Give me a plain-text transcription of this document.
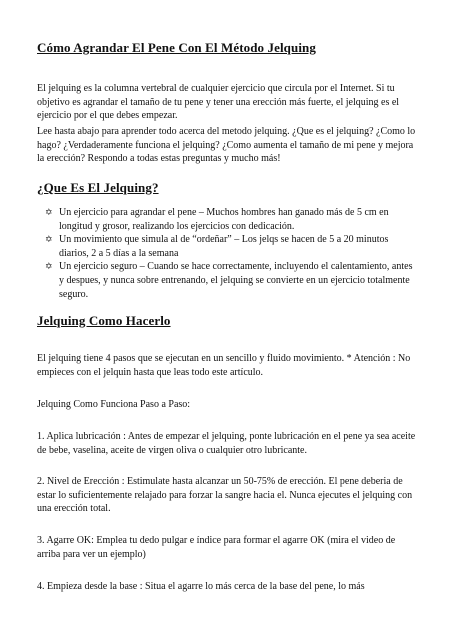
Cómo Agrandar El Pene Con El Método Jelquing

El jelquing es la columna vertebral de cualquier ejercicio que circula por el Internet. Si tu objetivo es agrandar el tamaño de tu pene y tener una erección más fuerte, el jelquing es el ejercicio por el que debes empezar.

Lee hasta abajo para aprender todo acerca del metodo jelquing. ¿Que es el jelquing? ¿Como lo hago? ¿Verdaderamente funciona el jelquing? ¿Como aumenta el tamaño de mi pene y mejora la erección? Respondo a todas estas preguntas y mucho más!

¿Que Es El Jelquing?
✡ Un ejercicio para agrandar el pene – Muchos hombres han ganado más de 5 cm en longitud y grosor, realizando los ejercicios con dedicación.
✡ Un movimiento que simula al de “ordeñar” – Los jelqs se hacen de 5 a 20 minutos diarios, 2 a 5 días a la semana
✡ Un ejercicio seguro – Cuando se hace correctamente, incluyendo el calentamiento, antes y despues, y nunca sobre entrenando, el jelquing se convierte en un ejercicio totalmente seguro.
Jelquing Como Hacerlo

El jelquing tiene 4 pasos que se ejecutan en un sencillo y fluido movimiento. * Atención : No empieces con el jelquin hasta que leas todo este artículo.

Jelquing Como Funciona Paso a Paso:

1. Aplica lubricación : Antes de empezar el jelquing, ponte lubricación en el pene ya sea aceite de bebe, vaselina, aceite de virgen oliva o cualquier otro lubricante.

2. Nivel de Erección : Estimulate hasta alcanzar un 50-75% de erección. El pene deberia de estar lo suficientemente relajado para forzar la sangre hacia el. Nunca ejecutes el jelquing con una erección total.

3. Agarre OK: Emplea tu dedo pulgar e índice para formar el agarre OK (mira el video de arriba para ver un ejemplo)

4. Empieza desde la base : Situa el agarre lo más cerca de la base del pene, lo más
